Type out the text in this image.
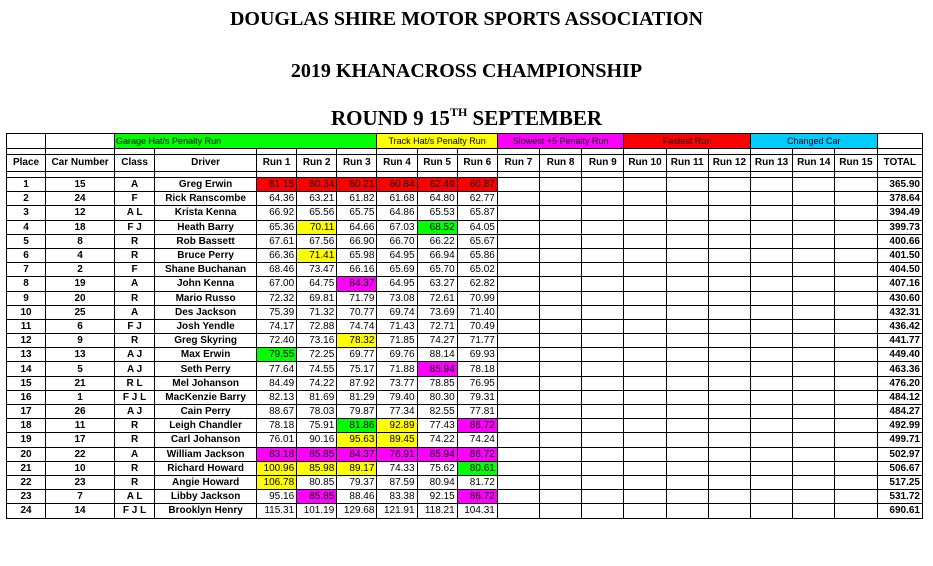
DOUGLAS SHIRE MOTOR SPORTS ASSOCIATION
2019 KHANACROSS CHAMPIONSHIP
ROUND 9 15TH SEPTEMBER
		Garage Hat/s Penalty Run					Track Hat/s Penalty Run			Slowest +5 Penalty Run			Fastest Run			Changed Car			

Place	Car Number	Class	Driver	Run 1	Run 2	Run 3	Run 4	Run 5	Run 6	Run 7	Run 8	Run 9	Run 10	Run 11	Run 12	Run 13	Run 14	Run 15	TOTAL

1	15	A	Greg Erwin	61.15	60.34	60.21	60.84	62.49	60.87										365.90
2	24	F	Rick Ranscombe	64.36	63.21	61.82	61.68	64.80	62.77										378.64
3	12	A L	Krista Kenna	66.92	65.56	65.75	64.86	65.53	65.87										394.49
4	18	F J	Heath Barry	65.36	70.11	64.66	67.03	68.52	64.05										399.73
5	8	R	Rob Bassett	67.61	67.56	66.90	66.70	66.22	65.67										400.66
6	4	R	Bruce Perry	66.36	71.41	65.98	64.95	66.94	65.86										401.50
7	2	F	Shane Buchanan	68.46	73.47	66.16	65.69	65.70	65.02										404.50
8	19	A	John Kenna	67.00	64.75	84.37	64.95	63.27	62.82										407.16
9	20	R	Mario Russo	72.32	69.81	71.79	73.08	72.61	70.99										430.60
10	25	A	Des Jackson	75.39	71.32	70.77	69.74	73.69	71.40										432.31
11	6	F J	Josh Yendle	74.17	72.88	74.74	71.43	72.71	70.49										436.42
12	9	R	Greg Skyring	72.40	73.16	78.32	71.85	74.27	71.77										441.77
13	13	A J	Max Erwin	79.55	72.25	69.77	69.76	88.14	69.93										449.40
14	5	A J	Seth Perry	77.64	74.55	75.17	71.88	85.94	78.18										463.36
15	21	R L	Mel Johanson	84.49	74.22	87.92	73.77	78.85	76.95										476.20
16	1	F J L	MacKenzie Barry	82.13	81.69	81.29	79.40	80.30	79.31										484.12
17	26	A J	Cain Perry	88.67	78.03	79.87	77.34	82.55	77.81										484.27
18	11	R	Leigh Chandler	78.18	75.91	81.86	92.89	77.43	86.72										492.99
19	17	R	Carl Johanson	76.01	90.16	95.63	89.45	74.22	74.24										499.71
20	22	A	William Jackson	83.18	85.85	84.37	76.91	85.94	86.72										502.97
21	10	R	Richard Howard	100.96	85.98	89.17	74.33	75.62	80.61										506.67
22	23	R	Angie Howard	106.78	80.85	79.37	87.59	80.94	81.72										517.25
23	7	A L	Libby Jackson	95.16	85.85	88.46	83.38	92.15	86.72										531.72
24	14	F J L	Brooklyn Henry	115.31	101.19	129.68	121.91	118.21	104.31										690.61
